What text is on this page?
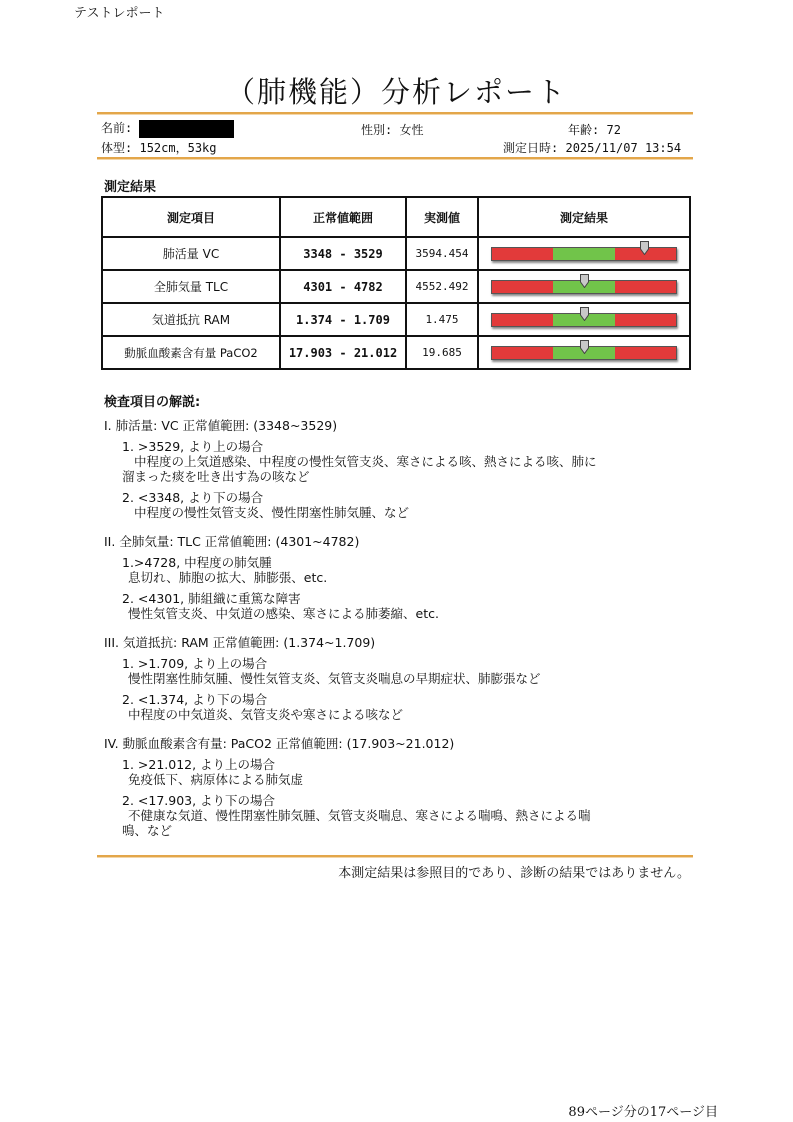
テストレポート
（肺機能）分析レポート
名前:	性別: 女性	年齢: 72
体型: 152cm，53kg	測定日時: 2025/11/07 13:54
測定結果
測定項目	正常値範囲	実測値	測定結果
肺活量 VC	3348 - 3529	3594.454	

全肺気量 TLC	4301 - 4782	4552.492	

気道抵抗 RAM	1.374 - 1.709	1.475	

動脈血酸素含有量 PaCO2	17.903 - 21.012	19.685	
検査項目の解説:

I. 肺活量: VC 正常値範囲: (3348~3529)

1. >3529, より上の場合

中程度の上気道感染、中程度の慢性気管支炎、寒さによる咳、熱さによる咳、肺に

溜まった痰を吐き出す為の咳など

2. <3348, より下の場合

中程度の慢性気管支炎、慢性閉塞性肺気腫、など

II. 全肺気量: TLC 正常値範囲: (4301~4782)

1.>4728, 中程度の肺気腫

息切れ、肺胞の拡大、肺膨張、etc.

2. <4301, 肺組織に重篤な障害

慢性気管支炎、中気道の感染、寒さによる肺萎縮、etc.

III. 気道抵抗: RAM 正常値範囲: (1.374~1.709)

1. >1.709, より上の場合

慢性閉塞性肺気腫、慢性気管支炎、気管支炎喘息の早期症状、肺膨張など

2. <1.374, より下の場合

中程度の中気道炎、気管支炎や寒さによる咳など

IV. 動脈血酸素含有量: PaCO2 正常値範囲: (17.903~21.012)

1. >21.012, より上の場合

免疫低下、病原体による肺気虚

2. <17.903, より下の場合

不健康な気道、慢性閉塞性肺気腫、気管支炎喘息、寒さによる喘鳴、熱さによる喘

鳴、など

本測定結果は参照目的であり、診断の結果ではありません。
89ページ分の17ページ目
